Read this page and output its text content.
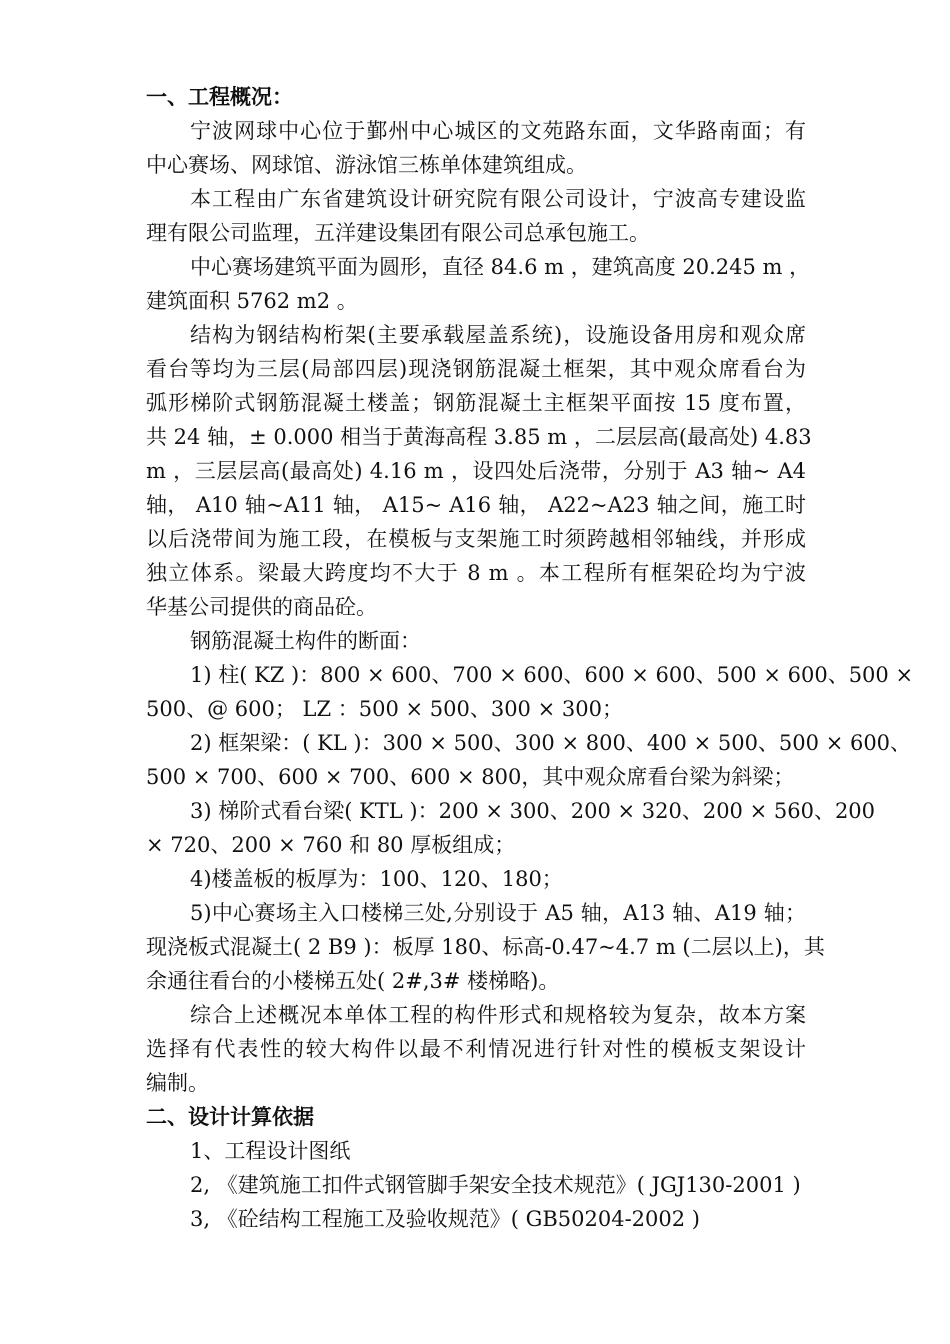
一、工程概况：
宁波网球中心位于鄞州中心城区的文苑路东面，文华路南面；有
中心赛场、网球馆、游泳馆三栋单体建筑组成。
本工程由广东省建筑设计研究院有限公司设计，宁波高专建设监
理有限公司监理，五洋建设集团有限公司总承包施工。
中心赛场建筑平面为圆形，直径 84.6 m ，建筑高度 20.245 m ，
建筑面积 5762 m2 。
结构为钢结构桁架(主要承载屋盖系统)，设施设备用房和观众席
看台等均为三层(局部四层)现浇钢筋混凝土框架，其中观众席看台为
弧形梯阶式钢筋混凝土楼盖；钢筋混凝土主框架平面按 15 度布置，
共 24 轴，± 0.000 相当于黄海高程 3.85 m ，二层层高(最高处) 4.83
m ，三层层高(最高处) 4.16 m ，设四处后浇带，分别于 A3 轴~ A4
轴， A10 轴~A11 轴， A15~ A16 轴， A22~A23 轴之间，施工时
以后浇带间为施工段，在模板与支架施工时须跨越相邻轴线，并形成
独立体系。梁最大跨度均不大于 8 m 。本工程所有框架砼均为宁波
华基公司提供的商品砼。
钢筋混凝土构件的断面：
1) 柱( KZ )：800 × 600、700 × 600、600 × 600、500 × 600、500 ×
500、@ 600； LZ ：500 × 500、300 × 300；
2) 框架梁：( KL )：300 × 500、300 × 800、400 × 500、500 × 600、
500 × 700、600 × 700、600 × 800，其中观众席看台梁为斜梁；
3) 梯阶式看台梁( KTL )：200 × 300、200 × 320、200 × 560、200
× 720、200 × 760 和 80 厚板组成；
4)楼盖板的板厚为：100、120、180；
5)中心赛场主入口楼梯三处,分别设于 A5 轴，A13 轴、A19 轴；
现浇板式混凝土( 2 B9 )：板厚 180、标高-0.47~4.7 m (二层以上)，其
余通往看台的小楼梯五处( 2#,3# 楼梯略)。
综合上述概况本单体工程的构件形式和规格较为复杂，故本方案
选择有代表性的较大构件以最不利情况进行针对性的模板支架设计
编制。
二、设计计算依据
1、工程设计图纸
2, 《建筑施工扣件式钢管脚手架安全技术规范》( JGJ130-2001 )
3, 《砼结构工程施工及验收规范》( GB50204-2002 )
